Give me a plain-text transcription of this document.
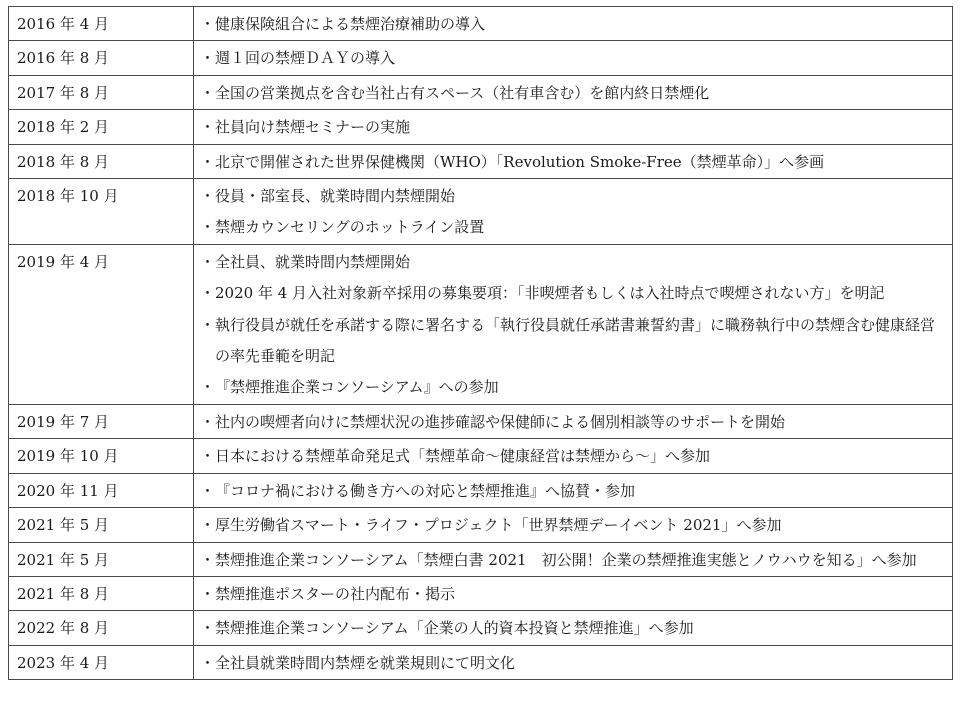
2016 年 4 月	・健康保険組合による禁煙治療補助の導入

2016 年 8 月	・週１回の禁煙ＤＡＹの導入

2017 年 8 月	・全国の営業拠点を含む当社占有スペース（社有車含む）を館内終日禁煙化

2018 年 2 月	・社員向け禁煙セミナーの実施

2018 年 8 月	・北京で開催された世界保健機関（WHO）「Revolution Smoke-Free（禁煙革命）」へ参画

2018 年 10 月	・役員・部室長、就業時間内禁煙開始
・禁煙カウンセリングのホットライン設置

2019 年 4 月	・全社員、就業時間内禁煙開始
・2020 年 4 月入社対象新卒採用の募集要項：「非喫煙者もしくは入社時点で喫煙されない方」を明記
・執行役員が就任を承諾する際に署名する「執行役員就任承諾書兼誓約書」に職務執行中の禁煙含む健康経営の率先垂範を明記
・『禁煙推進企業コンソーシアム』への参加

2019 年 7 月	・社内の喫煙者向けに禁煙状況の進捗確認や保健師による個別相談等のサポートを開始

2019 年 10 月	・日本における禁煙革命発足式「禁煙革命～健康経営は禁煙から～」へ参加

2020 年 11 月	・『コロナ禍における働き方への対応と禁煙推進』へ協賛・参加

2021 年 5 月	・厚生労働省スマート・ライフ・プロジェクト「世界禁煙デーイベント 2021」へ参加

2021 年 5 月	・禁煙推進企業コンソーシアム「禁煙白書 2021　初公開！企業の禁煙推進実態とノウハウを知る」へ参加

2021 年 8 月	・禁煙推進ポスターの社内配布・掲示

2022 年 8 月	・禁煙推進企業コンソーシアム「企業の人的資本投資と禁煙推進」へ参加

2023 年 4 月	・全社員就業時間内禁煙を就業規則にて明文化
